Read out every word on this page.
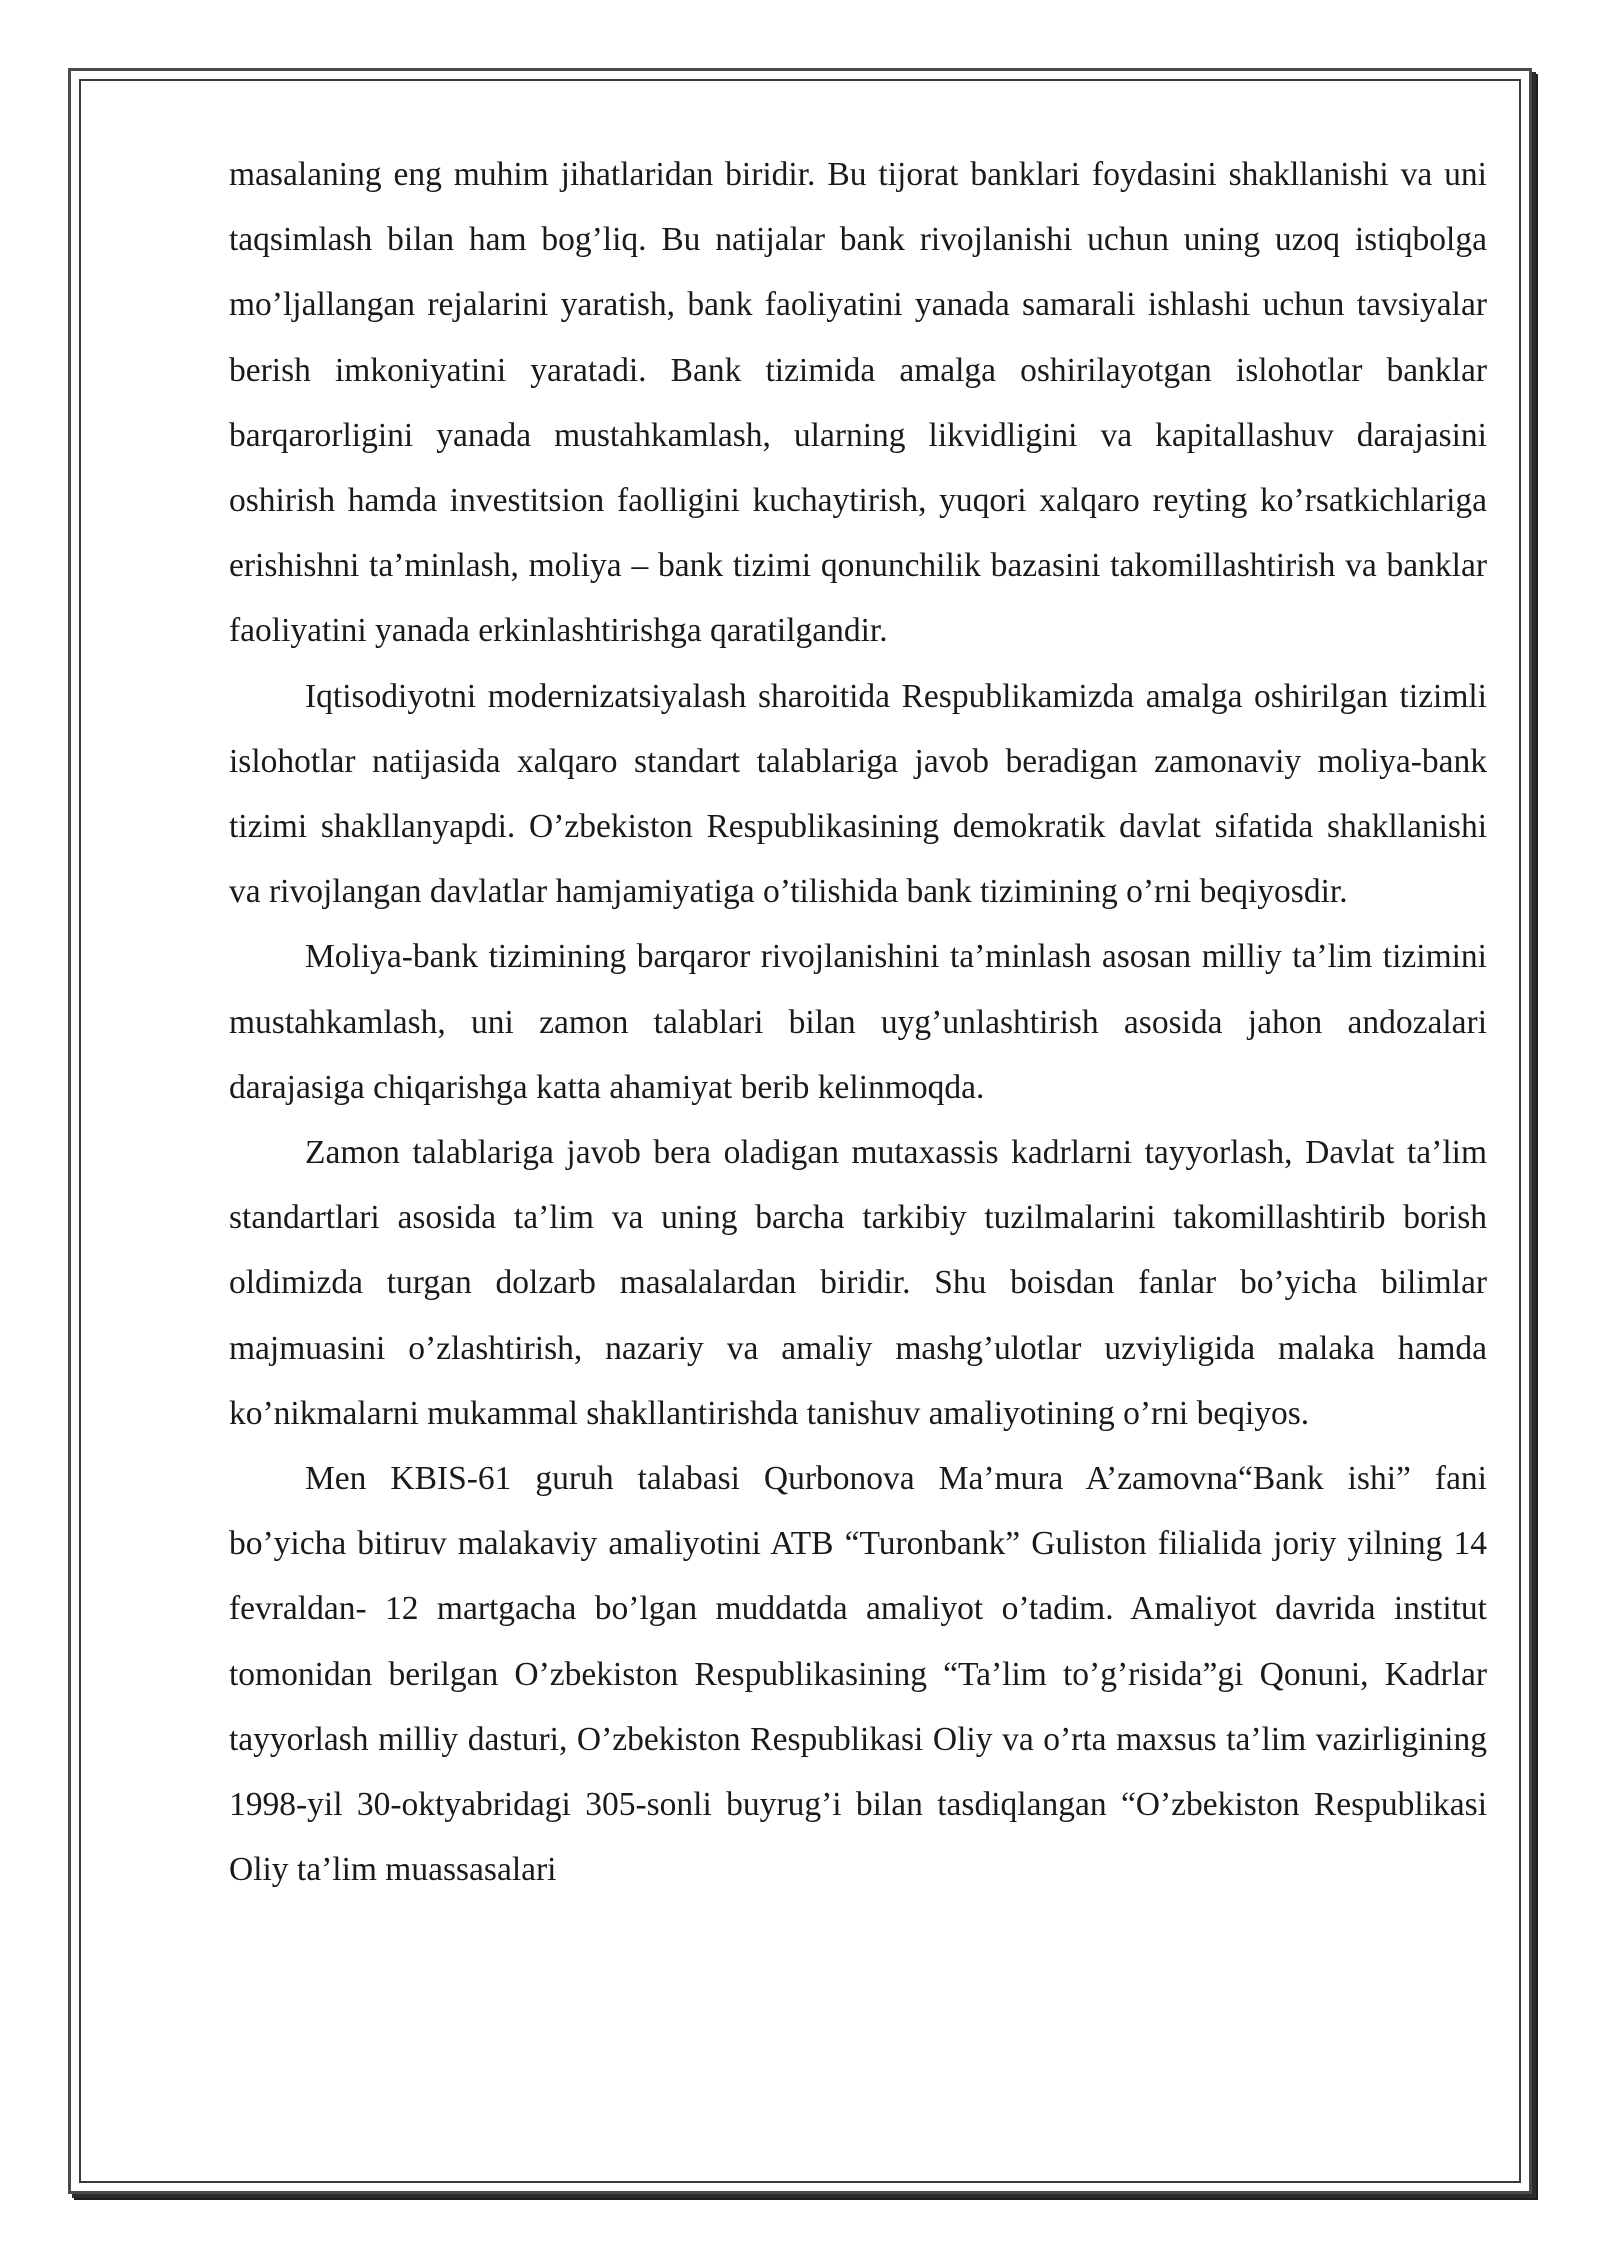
masalaning eng muhim jihatlaridan biridir. Bu tijorat banklari foydasini shakllanishi va uni taqsimlash bilan ham bog’liq. Bu natijalar bank rivojlanishi uchun uning uzoq istiqbolga mo’ljallangan rejalarini yaratish, bank faoliyatini yanada samarali ishlashi uchun tavsiyalar berish imkoniyatini yaratadi. Bank tizimida amalga oshirilayotgan islohotlar banklar barqarorligini yanada mustahkamlash, ularning likvidligini va kapitallashuv darajasini oshirish hamda investitsion faolligini kuchaytirish, yuqori xalqaro reyting ko’rsatkichlariga erishishni ta’minlash, moliya – bank tizimi qonunchilik bazasini takomillashtirish va banklar faoliyatini yanada erkinlashtirishga qaratilgandir.

Iqtisodiyotni modernizatsiyalash sharoitida Respublikamizda amalga oshirilgan tizimli islohotlar natijasida xalqaro standart talablariga javob beradigan zamonaviy moliya-bank tizimi shakllanyapdi. O’zbekiston Respublikasining demokratik davlat sifatida shakllanishi va rivojlangan davlatlar hamjamiyatiga o’tilishida bank tizimining o’rni beqiyosdir.

Moliya-bank tizimining barqaror rivojlanishini ta’minlash asosan milliy ta’lim tizimini mustahkamlash, uni zamon talablari bilan uyg’unlashtirish asosida jahon andozalari darajasiga chiqarishga katta ahamiyat berib kelinmoqda.

Zamon talablariga javob bera oladigan mutaxassis kadrlarni tayyorlash, Davlat ta’lim standartlari asosida ta’lim va uning barcha tarkibiy tuzilmalarini takomillashtirib borish oldimizda turgan dolzarb masalalardan biridir. Shu boisdan fanlar bo’yicha bilimlar majmuasini o’zlashtirish, nazariy va amaliy mashg’ulotlar uzviyligida malaka hamda ko’nikmalarni mukammal shakllantirishda tanishuv amaliyotining o’rni beqiyos.

Men KBIS-61 guruh talabasi Qurbonova Ma’mura A’zamovna“Bank ishi” fani bo’yicha bitiruv malakaviy amaliyotini ATB “Turonbank” Guliston filialida joriy yilning 14 fevraldan- 12 martgacha bo’lgan muddatda amaliyot o’tadim. Amaliyot davrida institut tomonidan berilgan O’zbekiston Respublikasining “Ta’lim to’g’risida”gi Qonuni, Kadrlar tayyorlash milliy dasturi, O’zbekiston Respublikasi Oliy va o’rta maxsus ta’lim vazirligining 1998-yil 30-oktyabridagi 305-sonli buyrug’i bilan tasdiqlangan “O’zbekiston Respublikasi Oliy ta’lim muassasalari
